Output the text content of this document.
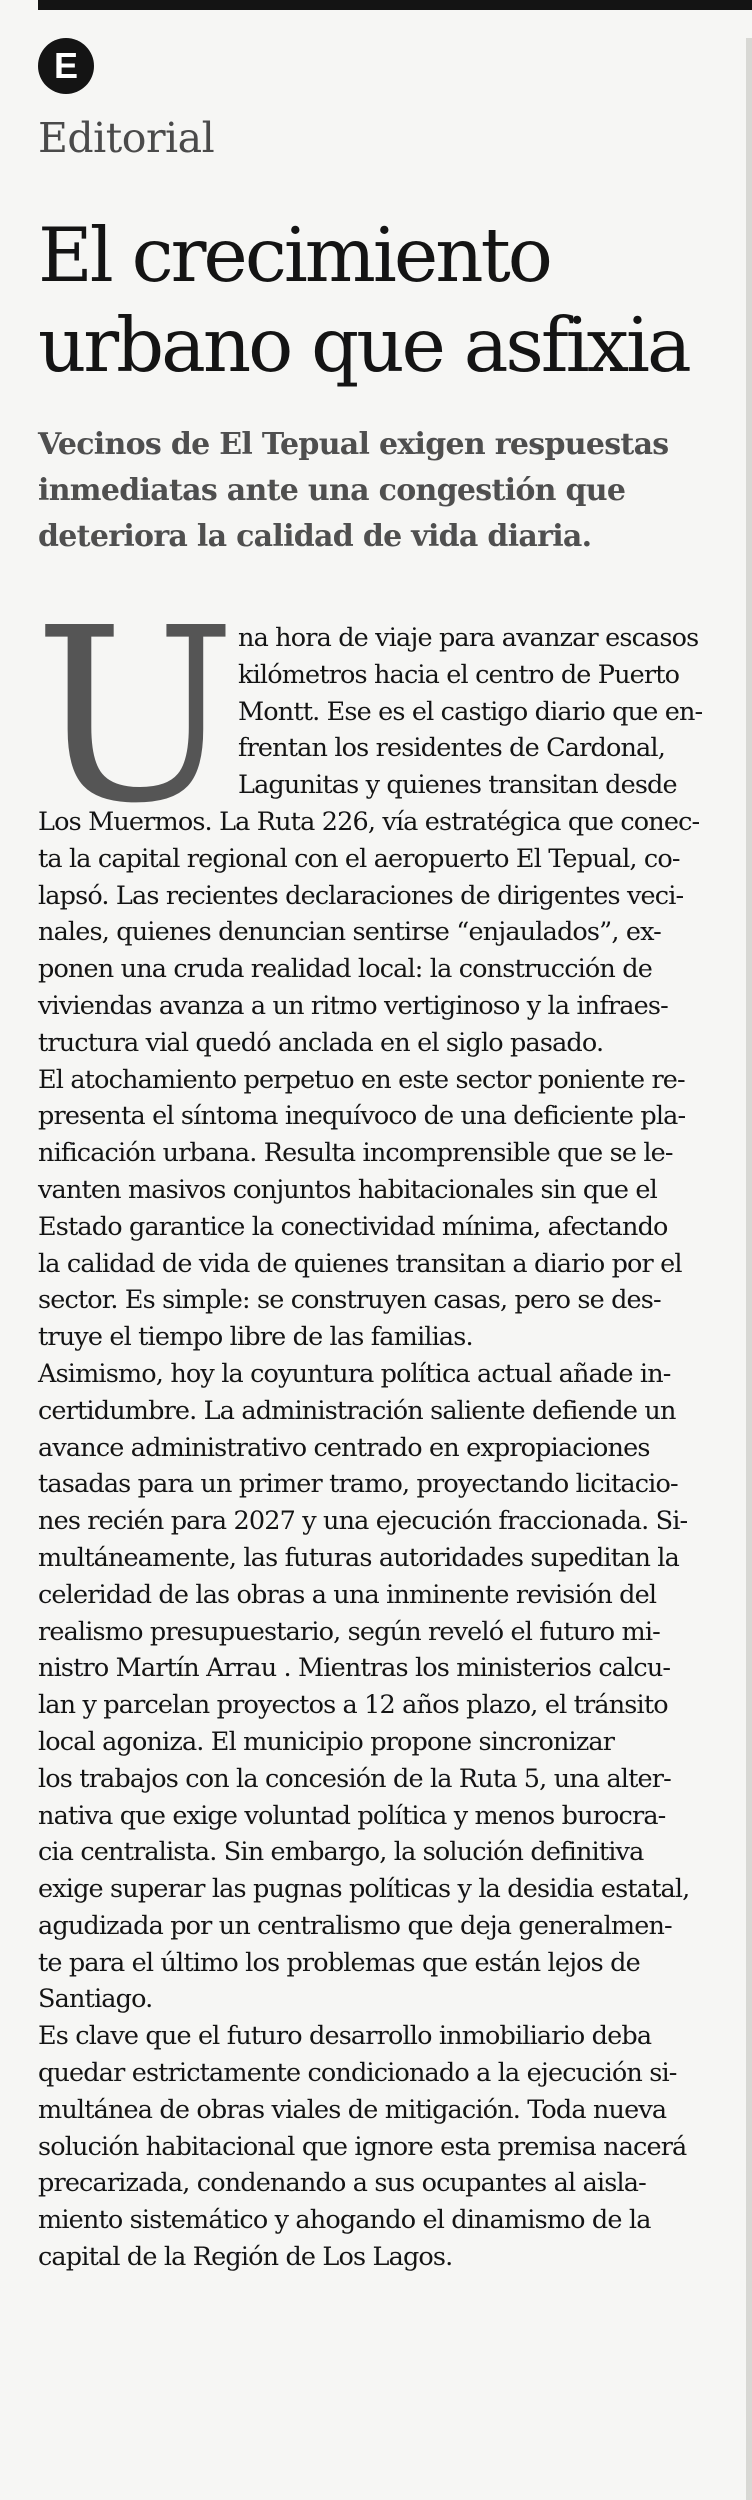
E
Editorial
El crecimiento
urbano que asfixia
Vecinos de El Tepual exigen respuestas
inmediatas ante una congestión que
deteriora la calidad de vida diaria.
U na hora de viaje para avanzar escasos
kilómetros hacia el centro de Puerto
Montt. Ese es el castigo diario que en-
frentan los residentes de Cardonal,
Lagunitas y quienes transitan desde
Los Muermos. La Ruta 226, vía estratégica que conec-
ta la capital regional con el aeropuerto El Tepual, co-
lapsó. Las recientes declaraciones de dirigentes veci-
nales, quienes denuncian sentirse “enjaulados”, ex-
ponen una cruda realidad local: la construcción de
viviendas avanza a un ritmo vertiginoso y la infraes-
tructura vial quedó anclada en el siglo pasado.
El atochamiento perpetuo en este sector poniente re-
presenta el síntoma inequívoco de una deficiente pla-
nificación urbana. Resulta incomprensible que se le-
vanten masivos conjuntos habitacionales sin que el
Estado garantice la conectividad mínima, afectando
la calidad de vida de quienes transitan a diario por el
sector. Es simple: se construyen casas, pero se des-
truye el tiempo libre de las familias.
Asimismo, hoy la coyuntura política actual añade in-
certidumbre. La administración saliente defiende un
avance administrativo centrado en expropiaciones
tasadas para un primer tramo, proyectando licitacio-
nes recién para 2027 y una ejecución fraccionada. Si-
multáneamente, las futuras autoridades supeditan la
celeridad de las obras a una inminente revisión del
realismo presupuestario, según reveló el futuro mi-
nistro Martín Arrau . Mientras los ministerios calcu-
lan y parcelan proyectos a 12 años plazo, el tránsito
local agoniza. El municipio propone sincronizar
los trabajos con la concesión de la Ruta 5, una alter-
nativa que exige voluntad política y menos burocra-
cia centralista. Sin embargo, la solución definitiva
exige superar las pugnas políticas y la desidia estatal,
agudizada por un centralismo que deja generalmen-
te para el último los problemas que están lejos de
Santiago.
Es clave que el futuro desarrollo inmobiliario deba
quedar estrictamente condicionado a la ejecución si-
multánea de obras viales de mitigación. Toda nueva
solución habitacional que ignore esta premisa nacerá
precarizada, condenando a sus ocupantes al aisla-
miento sistemático y ahogando el dinamismo de la
capital de la Región de Los Lagos.
